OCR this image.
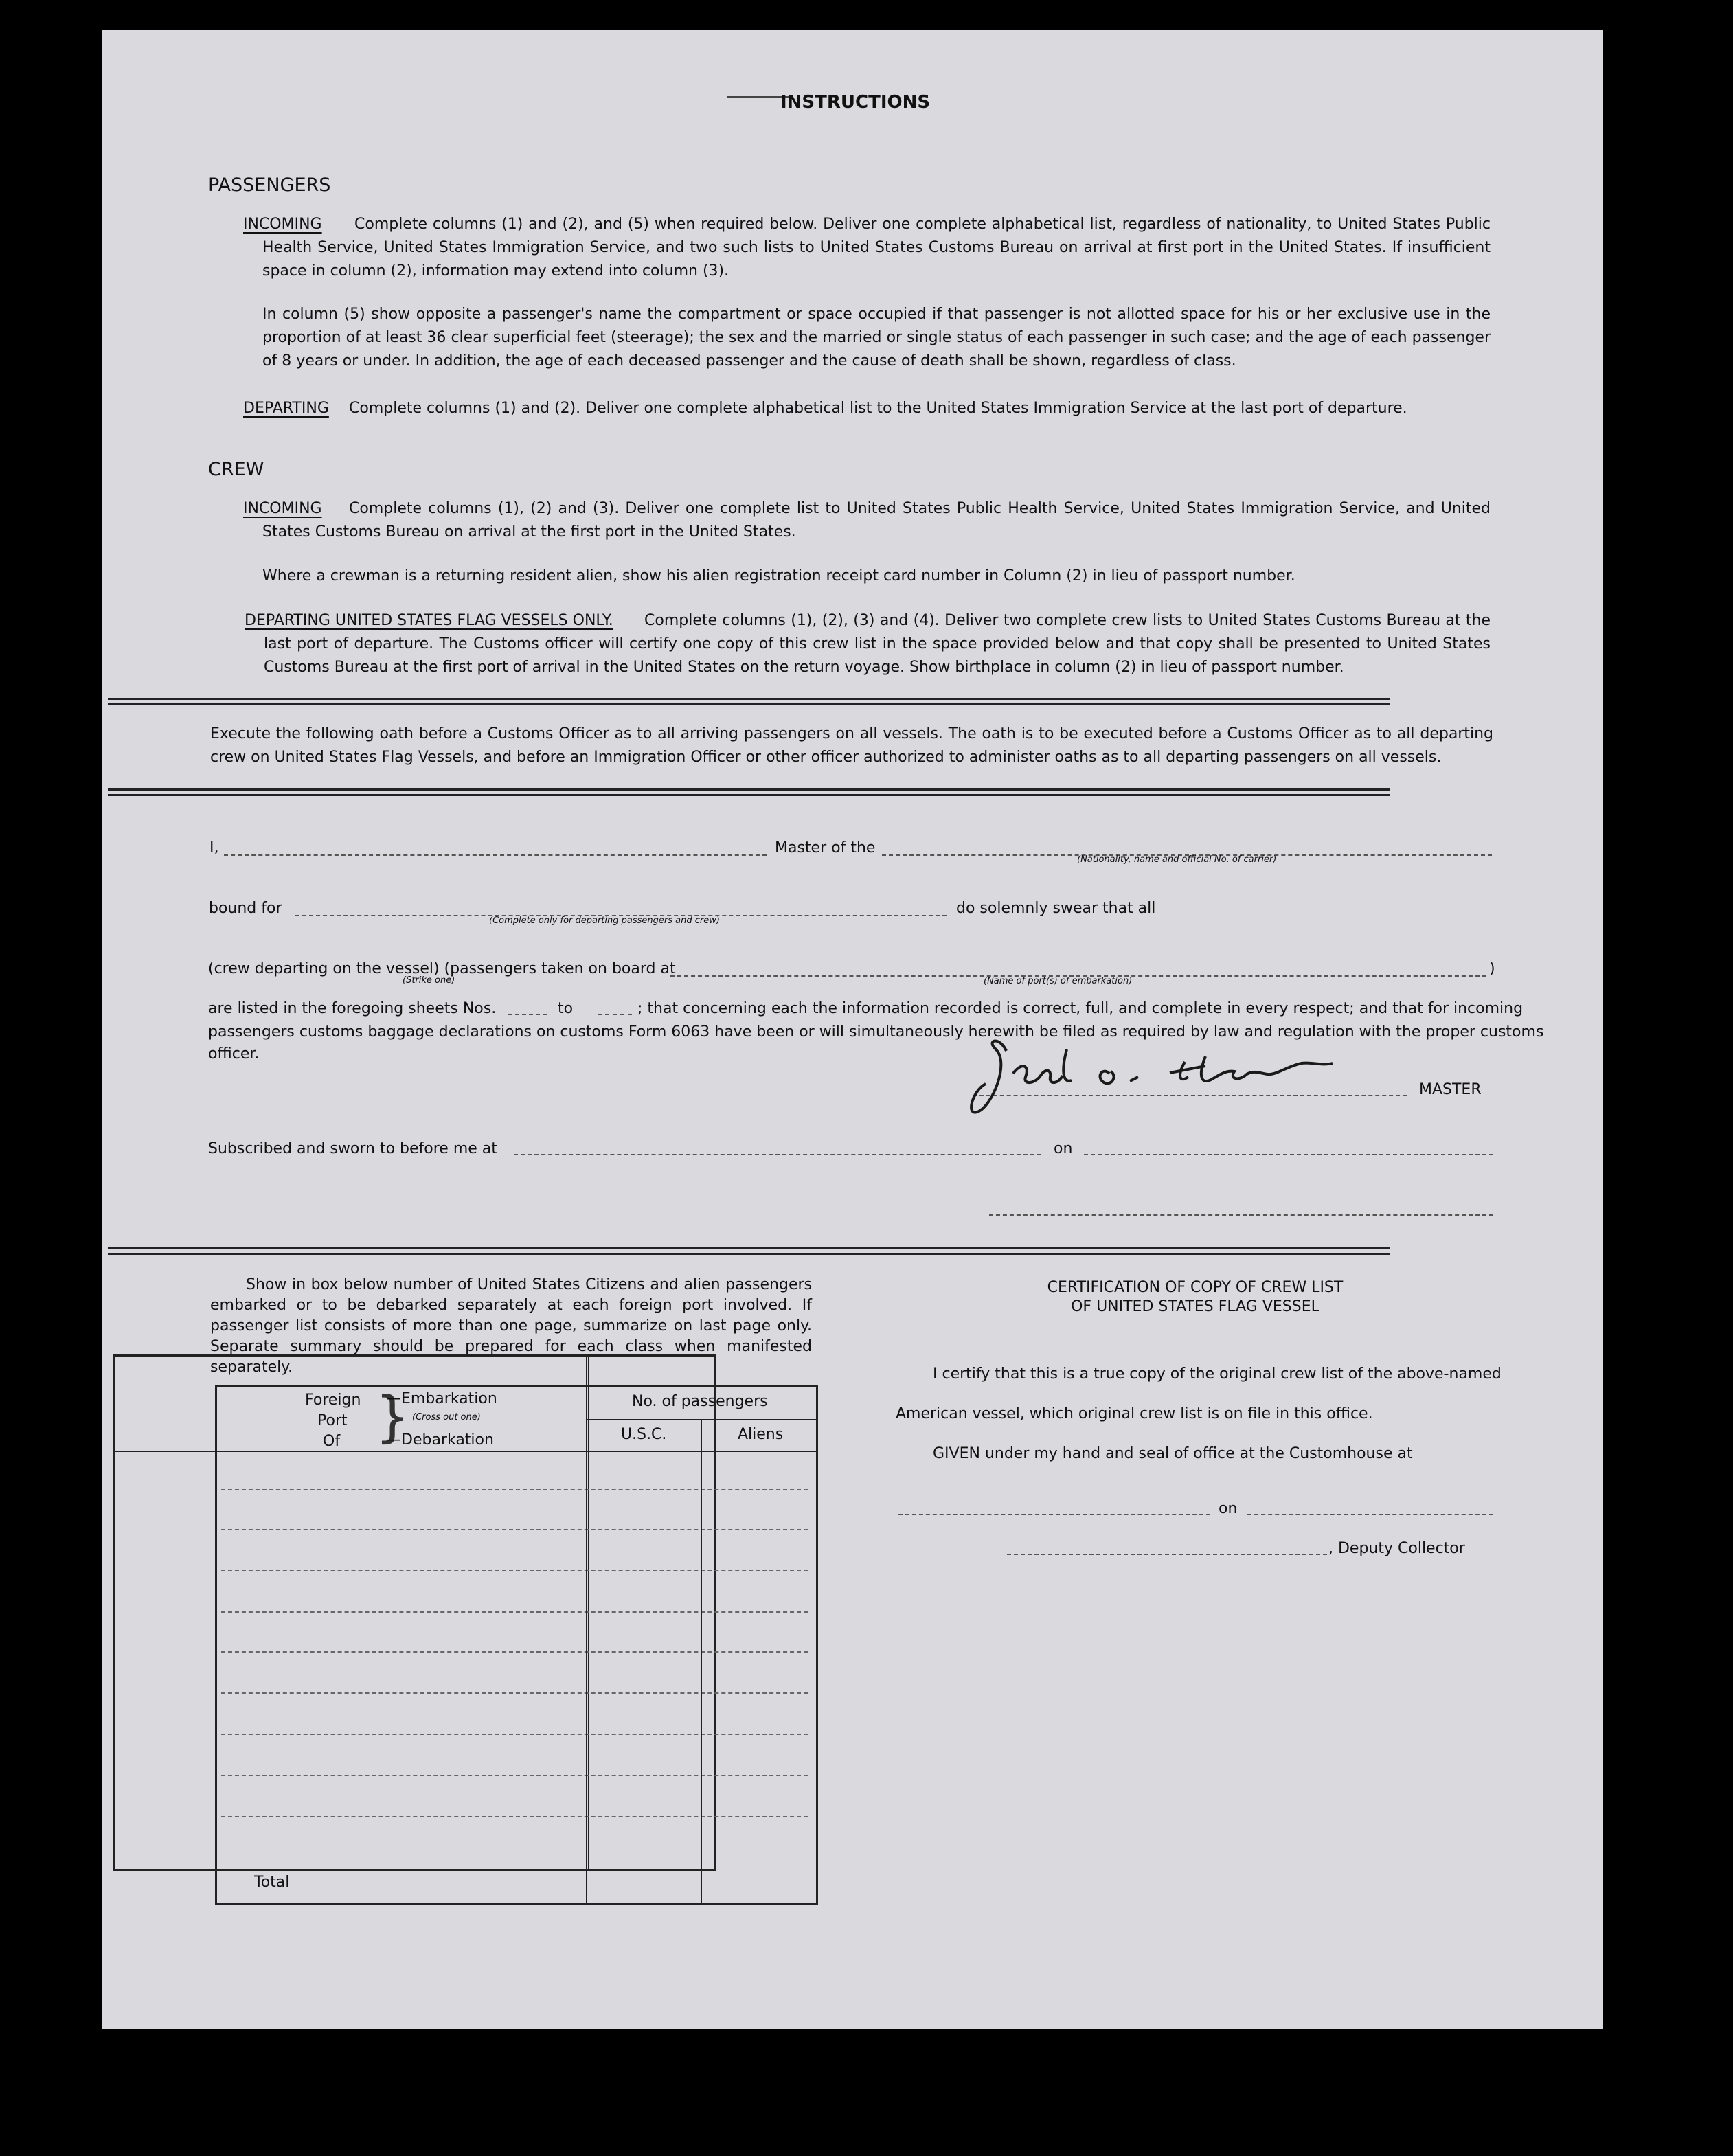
INSTRUCTIONS
PASSENGERS
INCOMING	Complete columns (1) and (2), and (5) when required below. Deliver one complete alphabetical list, regardless of nationality, to United States Public Health Service, United States Immigration Service, and two such lists to United States Customs Bureau on arrival at first port in the United States. If insufficient space in column (2), information may extend into column (3).
In column (5) show opposite a passenger's name the compartment or space occupied if that passenger is not allotted space for his or her exclusive use in the proportion of at least 36 clear superficial feet (steerage); the sex and the married or single status of each passenger in such case; and the age of each passenger of 8 years or under. In addition, the age of each deceased passenger and the cause of death shall be shown, regardless of class.
DEPARTING Complete columns (1) and (2). Deliver one complete alphabetical list to the United States Immigration Service at the last port of departure.
CREW
INCOMING	Complete columns (1), (2) and (3). Deliver one complete list to United States Public Health Service, United States Immigration Service, and United States Customs Bureau on arrival at the first port in the United States.
Where a crewman is a returning resident alien, show his alien registration receipt card number in Column (2) in lieu of passport number.
DEPARTING UNITED STATES FLAG VESSELS ONLY.	Complete columns (1), (2), (3) and (4). Deliver two complete crew lists to United States Customs Bureau at the last port of departure. The Customs officer will certify one copy of this crew list in the space provided below and that copy shall be presented to United States Customs Bureau at the first port of arrival in the United States on the return voyage. Show birthplace in column (2) in lieu of passport number.
Execute the following oath before a Customs Officer as to all arriving passengers on all vessels. The oath is to be executed before a Customs Officer as to all departing crew on United States Flag Vessels, and before an Immigration Officer or other officer authorized to administer oaths as to all departing passengers on all vessels.
I,	Master of the
(Nationality, name and official No. of carrier)
bound for
(Complete only for departing passengers and crew)
do solemnly swear that all
(crew departing on the vessel) (passengers taken on board at	)
(Strike one)	(Name of port(s) of embarkation)
are listed in the foregoing sheets Nos.	to	; that concerning each the information recorded is correct, full, and complete in every respect; and that for incoming
passengers customs baggage declarations on customs Form 6063 have been or will simultaneously herewith be filed as required by law and regulation with the proper customs
officer.
MASTER
Subscribed and sworn to before me at	on
Show in box below number of United States Citizens and alien passengers embarked or to be debarked separately at each foreign port involved. If passenger list consists of more than one page, summarize on last page only. Separate summary should be prepared for each class when manifested separately.
Foreign
Port
Of }
—Embarkation
(Cross out one)
—Debarkation
No. of passengers
U.S.C.	Aliens
Total
CERTIFICATION OF COPY OF CREW LIST
OF UNITED STATES FLAG VESSEL
I certify that this is a true copy of the original crew list of the above-named
American vessel, which original crew list is on file in this office.
GIVEN under my hand and seal of office at the Customhouse at
on
, Deputy Collector
